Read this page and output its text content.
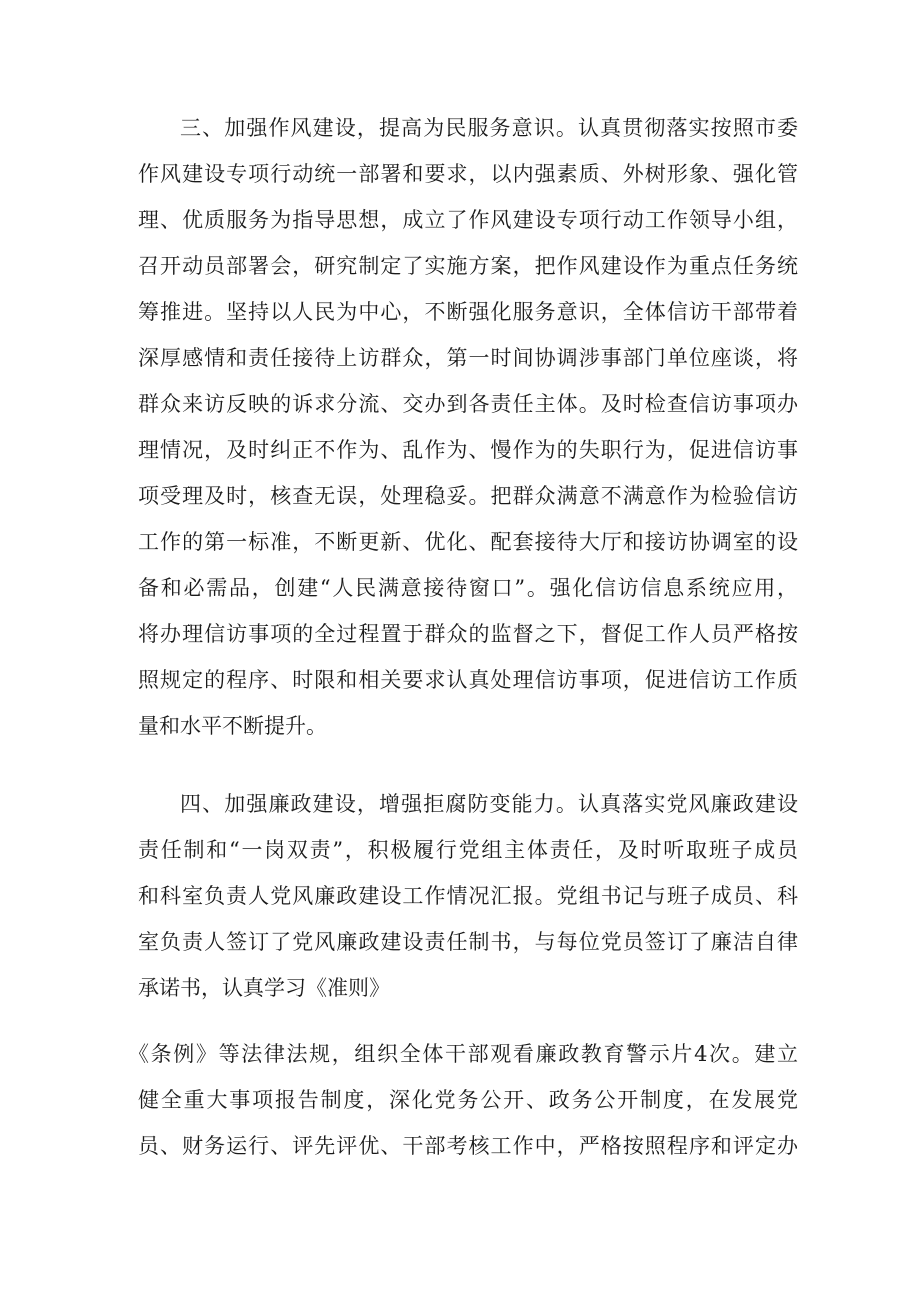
三、加强作风建设，提高为民服务意识。认真贯彻落实按照市委
作风建设专项行动统一部署和要求，以内强素质、外树形象、强化管
理、优质服务为指导思想，成立了作风建设专项行动工作领导小组，
召开动员部署会，研究制定了实施方案，把作风建设作为重点任务统
筹推进。坚持以人民为中心，不断强化服务意识，全体信访干部带着
深厚感情和责任接待上访群众，第一时间协调涉事部门单位座谈，将
群众来访反映的诉求分流、交办到各责任主体。及时检查信访事项办
理情况，及时纠正不作为、乱作为、慢作为的失职行为，促进信访事
项受理及时，核查无误，处理稳妥。把群众满意不满意作为检验信访
工作的第一标准，不断更新、优化、配套接待大厅和接访协调室的设
备和必需品，创建“人民满意接待窗口”。强化信访信息系统应用，
将办理信访事项的全过程置于群众的监督之下，督促工作人员严格按
照规定的程序、时限和相关要求认真处理信访事项，促进信访工作质
量和水平不断提升。
四、加强廉政建设，增强拒腐防变能力。认真落实党风廉政建设
责任制和“一岗双责”，积极履行党组主体责任，及时听取班子成员
和科室负责人党风廉政建设工作情况汇报。党组书记与班子成员、科
室负责人签订了党风廉政建设责任制书，与每位党员签订了廉洁自律
承诺书，认真学习《准则》
《条例》等法律法规，组织全体干部观看廉政教育警示片4次。建立
健全重大事项报告制度，深化党务公开、政务公开制度，在发展党
员、财务运行、评先评优、干部考核工作中，严格按照程序和评定办
